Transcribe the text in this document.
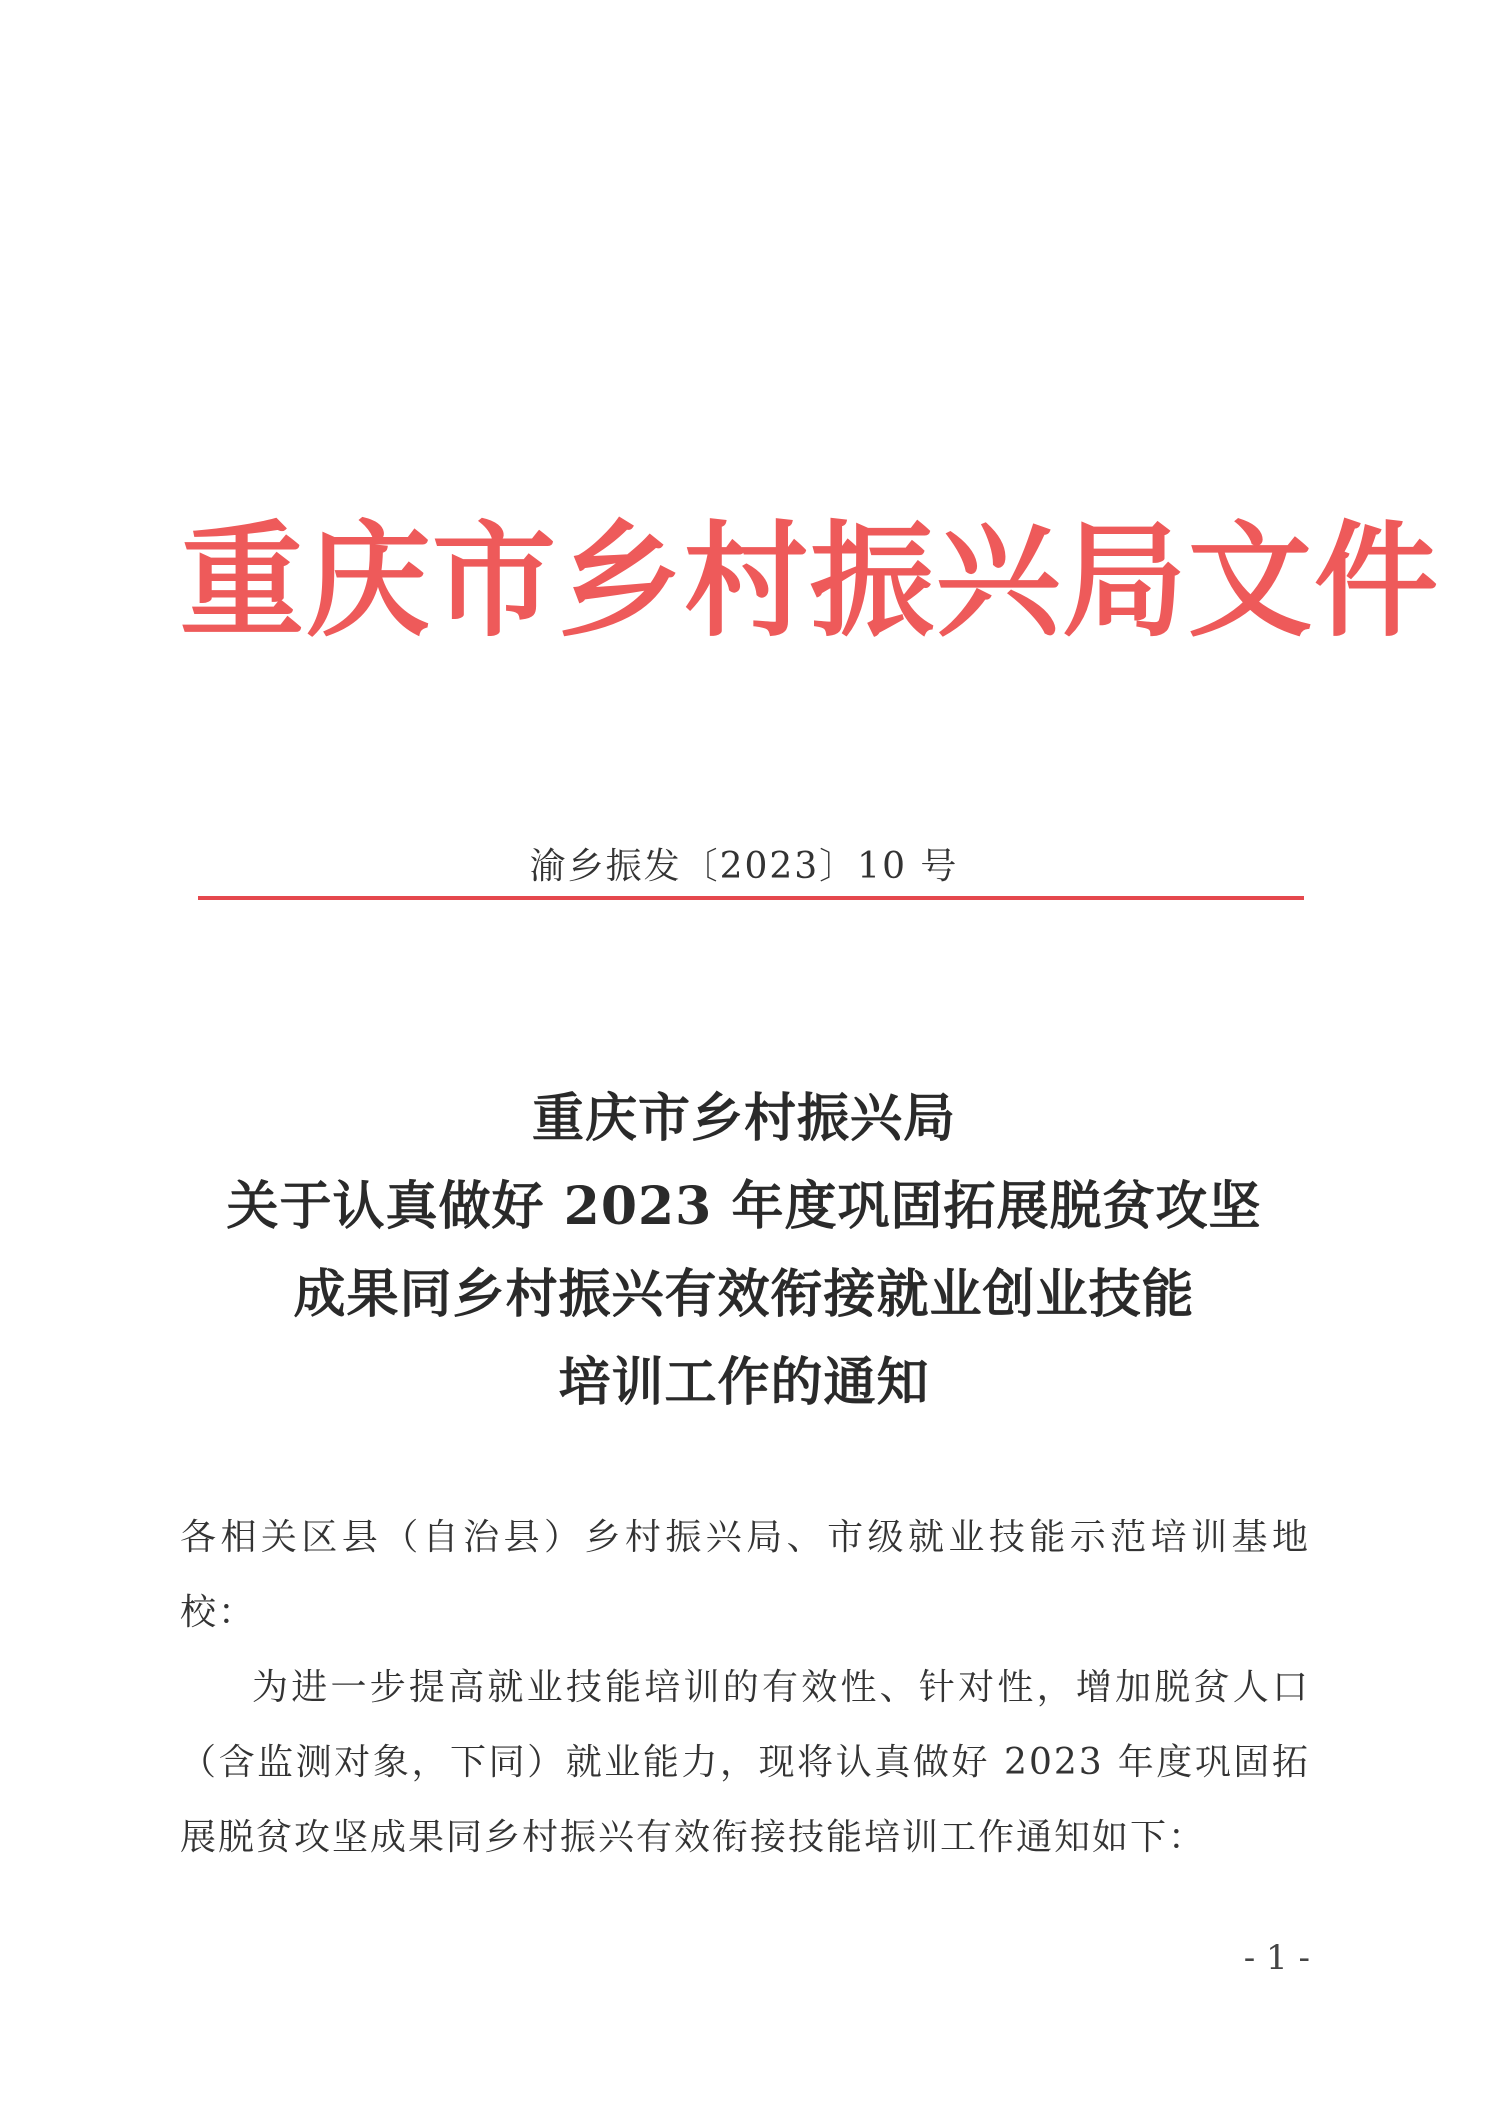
重庆市乡村振兴局文件
渝乡振发〔2023〕10 号
重庆市乡村振兴局
关于认真做好 2023 年度巩固拓展脱贫攻坚
成果同乡村振兴有效衔接就业创业技能
培训工作的通知

各相关区县（自治县）乡村振兴局、市级就业技能示范培训基地校：

为进一步提高就业技能培训的有效性、针对性，增加脱贫人口（含监测对象，下同）就业能力，现将认真做好 2023 年度巩固拓展脱贫攻坚成果同乡村振兴有效衔接技能培训工作通知如下：

- 1 -
